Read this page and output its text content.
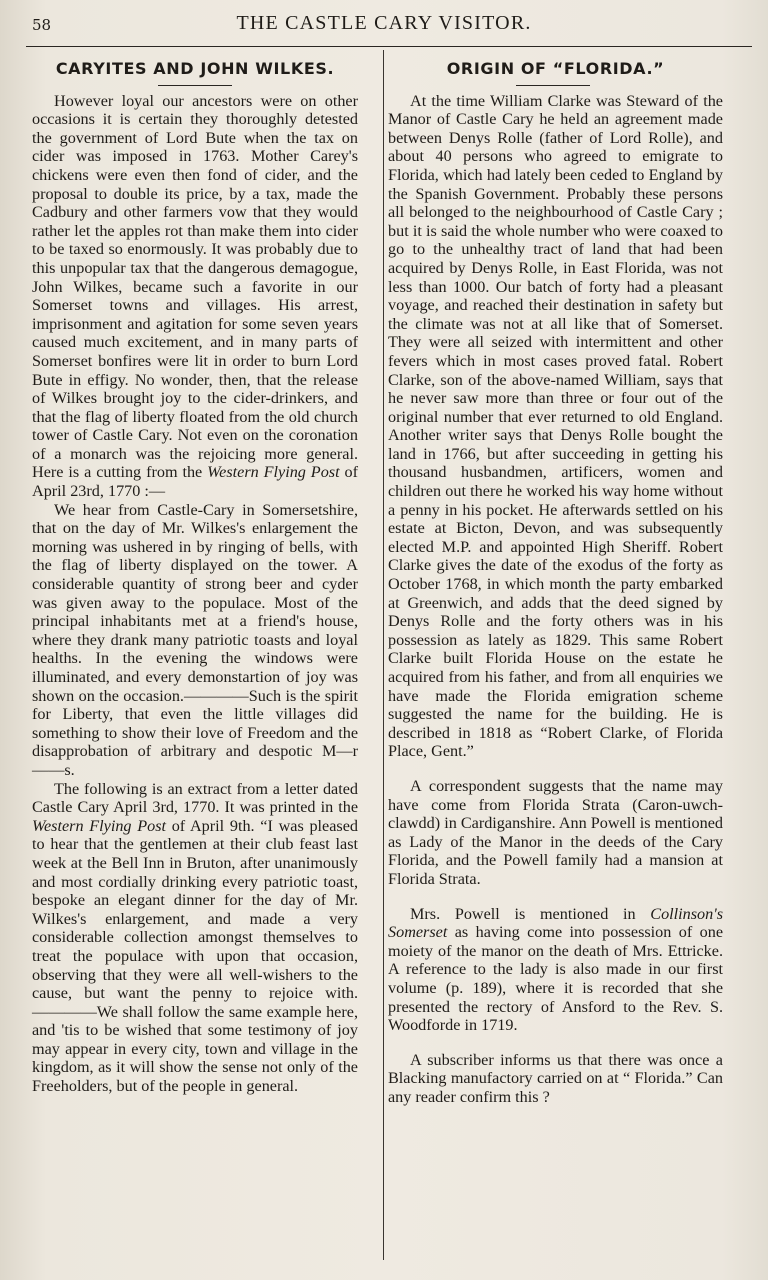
58	THE CASTLE CARY VISITOR.
CARYITES AND JOHN WILKES.

However loyal our ancestors were on other occasions it is certain they thoroughly detested the government of Lord Bute when the tax on cider was imposed in 1763. Mother Carey's chickens were even then fond of cider, and the proposal to double its price, by a tax, made the Cadbury and other farmers vow that they would rather let the apples rot than make them into cider to be taxed so enormously. It was probably due to this unpopular tax that the dangerous demagogue, John Wilkes, became such a favorite in our Somerset towns and villages. His arrest, imprisonment and agitation for some seven years caused much excitement, and in many parts of Somerset bonfires were lit in order to burn Lord Bute in effigy. No wonder, then, that the release of Wilkes brought joy to the cider-drinkers, and that the flag of liberty floated from the old church tower of Castle Cary. Not even on the coronation of a monarch was the rejoicing more general. Here is a cutting from the Western Flying Post of April 23rd, 1770 :—

We hear from Castle-Cary in Somersetshire, that on the day of Mr. Wilkes's enlargement the morning was ushered in by ringing of bells, with the flag of liberty displayed on the tower. A considerable quantity of strong beer and cyder was given away to the populace. Most of the principal inhabitants met at a friend's house, where they drank many patriotic toasts and loyal healths. In the evening the windows were illuminated, and every demonstartion of joy was shown on the occasion.————Such is the spirit for Liberty, that even the little villages did something to show their love of Freedom and the disapprobation of arbitrary and despotic M—r——s.

The following is an extract from a letter dated Castle Cary April 3rd, 1770. It was printed in the Western Flying Post of April 9th. “I was pleased to hear that the gentlemen at their club feast last week at the Bell Inn in Bruton, after unanimously and most cordially drinking every patriotic toast, bespoke an elegant dinner for the day of Mr. Wilkes's enlargement, and made a very considerable collection amongst themselves to treat the populace with upon that occasion, observing that they were all well-wishers to the cause, but want the penny to rejoice with.————We shall follow the same example here, and 'tis to be wished that some testimony of joy may appear in every city, town and village in the kingdom, as it will show the sense not only of the Freeholders, but of the people in general.

ORIGIN OF “FLORIDA.”

At the time William Clarke was Steward of the Manor of Castle Cary he held an agreement made between Denys Rolle (father of Lord Rolle), and about 40 persons who agreed to emigrate to Florida, which had lately been ceded to England by the Spanish Government. Probably these persons all belonged to the neighbourhood of Castle Cary ; but it is said the whole number who were coaxed to go to the unhealthy tract of land that had been acquired by Denys Rolle, in East Florida, was not less than 1000. Our batch of forty had a pleasant voyage, and reached their destination in safety but the climate was not at all like that of Somerset. They were all seized with intermittent and other fevers which in most cases proved fatal. Robert Clarke, son of the above-named William, says that he never saw more than three or four out of the original number that ever returned to old England. Another writer says that Denys Rolle bought the land in 1766, but after succeeding in getting his thousand husbandmen, artificers, women and children out there he worked his way home without a penny in his pocket. He afterwards settled on his estate at Bicton, Devon, and was subsequently elected M.P. and appointed High Sheriff. Robert Clarke gives the date of the exodus of the forty as October 1768, in which month the party embarked at Greenwich, and adds that the deed signed by Denys Rolle and the forty others was in his possession as lately as 1829. This same Robert Clarke built Florida House on the estate he acquired from his father, and from all enquiries we have made the Florida emigration scheme suggested the name for the building. He is described in 1818 as “Robert Clarke, of Florida Place, Gent.”

A correspondent suggests that the name may have come from Florida Strata (Caron-uwch-clawdd) in Cardiganshire. Ann Powell is mentioned as Lady of the Manor in the deeds of the Cary Florida, and the Powell family had a mansion at Florida Strata.

Mrs. Powell is mentioned in Collinson's Somerset as having come into possession of one moiety of the manor on the death of Mrs. Ettricke. A reference to the lady is also made in our first volume (p. 189), where it is recorded that she presented the rectory of Ansford to the Rev. S. Woodforde in 1719.

A subscriber informs us that there was once a Blacking manufactory carried on at “ Florida.” Can any reader confirm this ?
